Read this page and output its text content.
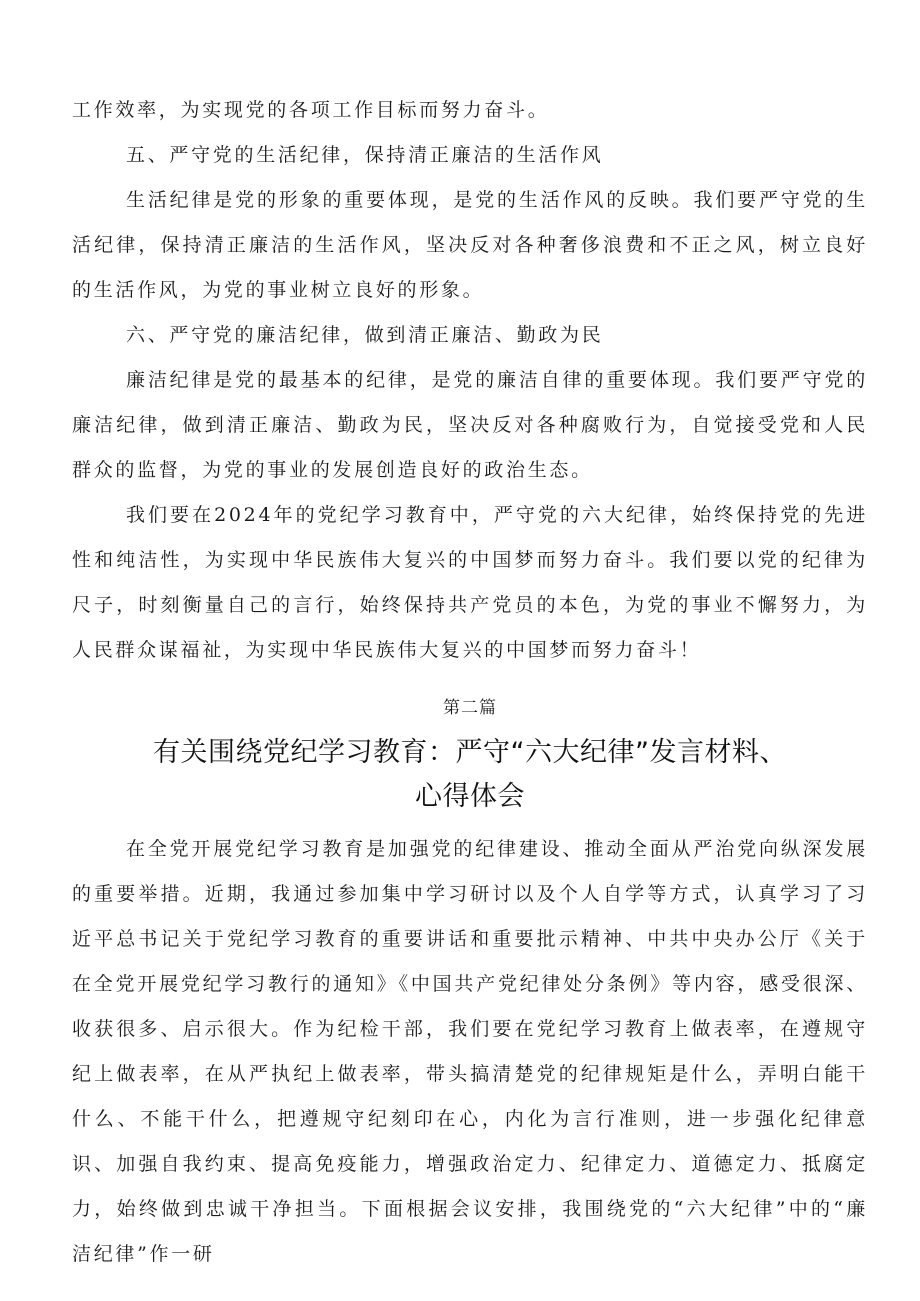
工作效率，为实现党的各项工作目标而努力奋斗。

五、严守党的生活纪律，保持清正廉洁的生活作风

生活纪律是党的形象的重要体现，是党的生活作风的反映。我们要严守党的生活纪律，保持清正廉洁的生活作风，坚决反对各种奢侈浪费和不正之风，树立良好的生活作风，为党的事业树立良好的形象。

六、严守党的廉洁纪律，做到清正廉洁、勤政为民

廉洁纪律是党的最基本的纪律，是党的廉洁自律的重要体现。我们要严守党的廉洁纪律，做到清正廉洁、勤政为民，坚决反对各种腐败行为，自觉接受党和人民群众的监督，为党的事业的发展创造良好的政治生态。

我们要在2024年的党纪学习教育中，严守党的六大纪律，始终保持党的先进性和纯洁性，为实现中华民族伟大复兴的中国梦而努力奋斗。我们要以党的纪律为尺子，时刻衡量自己的言行，始终保持共产党员的本色，为党的事业不懈努力，为人民群众谋福祉，为实现中华民族伟大复兴的中国梦而努力奋斗！

第二篇
有关围绕党纪学习教育：严守“六大纪律”发言材料、
心得体会

在全党开展党纪学习教育是加强党的纪律建设、推动全面从严治党向纵深发展的重要举措。近期，我通过参加集中学习研讨以及个人自学等方式，认真学习了习近平总书记关于党纪学习教育的重要讲话和重要批示精神、中共中央办公厅《关于在全党开展党纪学习教行的通知》《中国共产党纪律处分条例》等内容，感受很深、收获很多、启示很大。作为纪检干部，我们要在党纪学习教育上做表率，在遵规守纪上做表率，在从严执纪上做表率，带头搞清楚党的纪律规矩是什么，弄明白能干什么、不能干什么，把遵规守纪刻印在心，内化为言行准则，进一步强化纪律意识、加强自我约束、提高免疫能力，增强政治定力、纪律定力、道德定力、抵腐定力，始终做到忠诚干净担当。下面根据会议安排，我围绕党的“六大纪律”中的“廉洁纪律”作一研
